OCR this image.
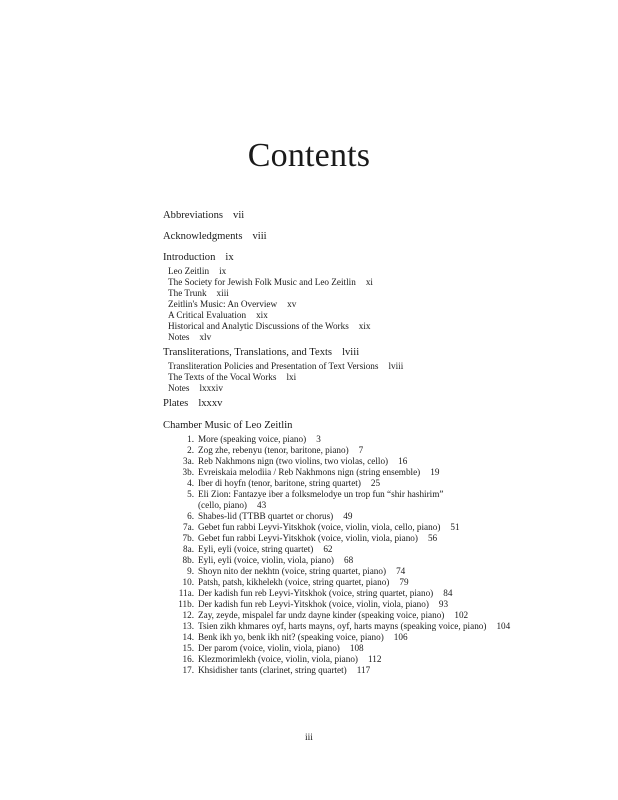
Contents
Abbreviations vii
Acknowledgments viii
Introduction ix
Leo Zeitlin ix
The Society for Jewish Folk Music and Leo Zeitlin xi
The Trunk xiii
Zeitlin's Music: An Overview xv
A Critical Evaluation xix
Historical and Analytic Discussions of the Works xix
Notes xlv
Transliterations, Translations, and Texts lviii
Transliteration Policies and Presentation of Text Versions lviii
The Texts of the Vocal Works lxi
Notes lxxxiv
Plates lxxxv
Chamber Music of Leo Zeitlin
1. More (speaking voice, piano) 3
2. Zog zhe, rebenyu (tenor, baritone, piano) 7
3a. Reb Nakhmons nign (two violins, two violas, cello) 16
3b. Evreiskaia melodiia / Reb Nakhmons nign (string ensemble) 19
4. Iber di hoyfn (tenor, baritone, string quartet) 25
5. Eli Zion: Fantazye iber a folksmelodye un trop fun “shir hashirim”
(cello, piano) 43
6. Shabes-lid (TTBB quartet or chorus) 49
7a. Gebet fun rabbi Leyvi-Yitskhok (voice, violin, viola, cello, piano) 51
7b. Gebet fun rabbi Leyvi-Yitskhok (voice, violin, viola, piano) 56
8a. Eyli, eyli (voice, string quartet) 62
8b. Eyli, eyli (voice, violin, viola, piano) 68
9. Shoyn nito der nekhtn (voice, string quartet, piano) 74
10. Patsh, patsh, kikhelekh (voice, string quartet, piano) 79
11a. Der kadish fun reb Leyvi-Yitskhok (voice, string quartet, piano) 84
11b. Der kadish fun reb Leyvi-Yitskhok (voice, violin, viola, piano) 93
12. Zay, zeyde, mispalel far undz dayne kinder (speaking voice, piano) 102
13. Tsien zikh khmares oyf, harts mayns, oyf, harts mayns (speaking voice, piano) 104
14. Benk ikh yo, benk ikh nit? (speaking voice, piano) 106
15. Der parom (voice, violin, viola, piano) 108
16. Klezmorimlekh (voice, violin, viola, piano) 112
17. Khsidisher tants (clarinet, string quartet) 117
iii
